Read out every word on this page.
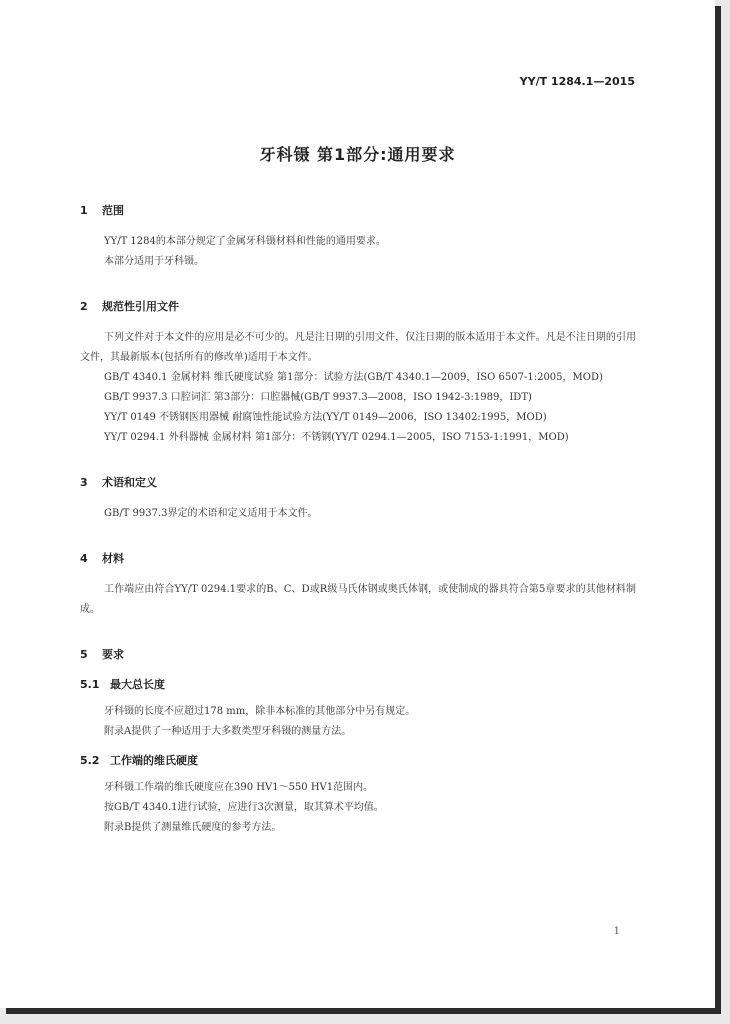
YY/T 1284.1—2015
牙科镊 第1部分:通用要求
1 范围

YY/T 1284的本部分规定了金属牙科镊材料和性能的通用要求。

本部分适用于牙科镊。

2 规范性引用文件

下列文件对于本文件的应用是必不可少的。凡是注日期的引用文件，仅注日期的版本适用于本文件。凡是不注日期的引用文件，其最新版本(包括所有的修改单)适用于本文件。

GB/T 4340.1 金属材料 维氏硬度试验 第1部分：试验方法(GB/T 4340.1—2009，ISO 6507-1:2005，MOD)

GB/T 9937.3 口腔词汇 第3部分：口腔器械(GB/T 9937.3—2008，ISO 1942-3:1989，IDT)

YY/T 0149 不锈钢医用器械 耐腐蚀性能试验方法(YY/T 0149—2006，ISO 13402:1995，MOD)

YY/T 0294.1 外科器械 金属材料 第1部分：不锈钢(YY/T 0294.1—2005，ISO 7153-1:1991，MOD)

3 术语和定义

GB/T 9937.3界定的术语和定义适用于本文件。

4 材料

工作端应由符合YY/T 0294.1要求的B、C、D或R级马氏体钢或奥氏体钢，或使制成的器具符合第5章要求的其他材料制成。

5 要求
5.1 最大总长度

牙科镊的长度不应超过178 mm，除非本标准的其他部分中另有规定。

附录A提供了一种适用于大多数类型牙科镊的测量方法。

5.2 工作端的维氏硬度

牙科镊工作端的维氏硬度应在390 HV1～550 HV1范围内。

按GB/T 4340.1进行试验，应进行3次测量，取其算术平均值。

附录B提供了测量维氏硬度的参考方法。

1
